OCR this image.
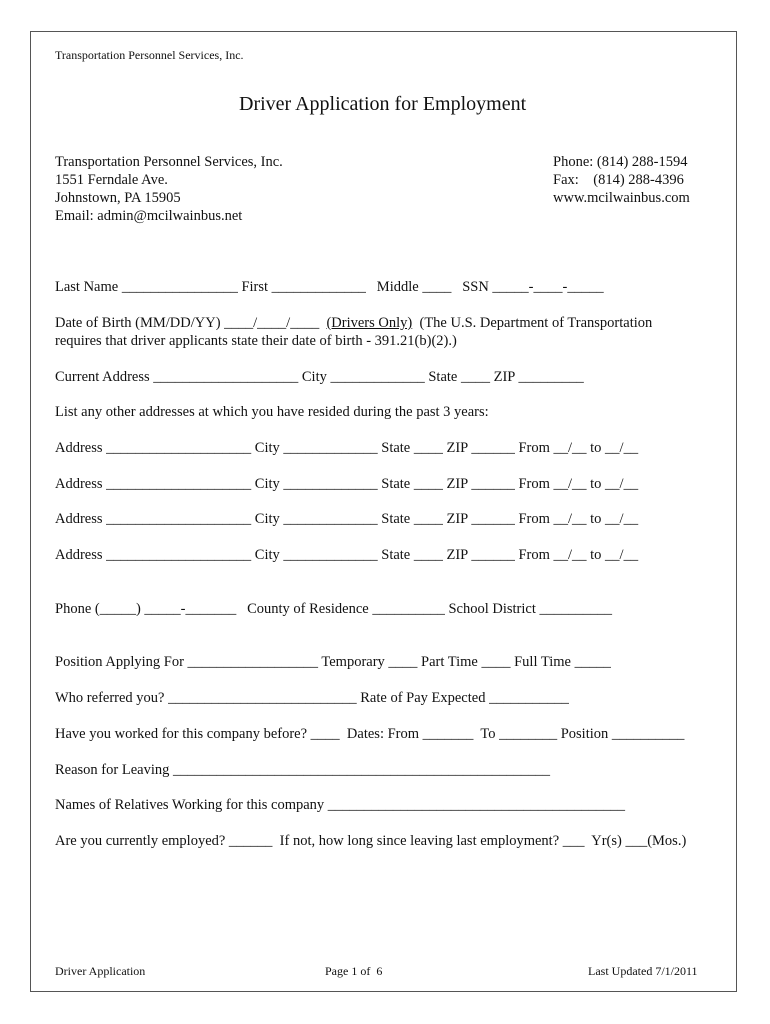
Transportation Personnel Services, Inc.
Driver Application for Employment
Transportation Personnel Services, Inc.
1551 Ferndale Ave.
Johnstown, PA 15905
Email: admin@mcilwainbus.net
Phone: (814) 288-1594
Fax:    (814) 288-4396
www.mcilwainbus.com
Last Name ________________ First _____________   Middle ____   SSN _____-____-_____
Date of Birth (MM/DD/YY) ____/____/____  (Drivers Only)  (The U.S. Department of Transportation
requires that driver applicants state their date of birth - 391.21(b)(2).)
Current Address ____________________ City _____________ State ____ ZIP _________
List any other addresses at which you have resided during the past 3 years:
Address ____________________ City _____________ State ____ ZIP ______ From __/__ to __/__
Address ____________________ City _____________ State ____ ZIP ______ From __/__ to __/__
Address ____________________ City _____________ State ____ ZIP ______ From __/__ to __/__
Address ____________________ City _____________ State ____ ZIP ______ From __/__ to __/__
Phone (_____) _____-_______   County of Residence __________ School District __________
Position Applying For __________________ Temporary ____ Part Time ____ Full Time _____
Who referred you? __________________________ Rate of Pay Expected ___________
Have you worked for this company before? ____  Dates: From _______  To ________ Position __________
Reason for Leaving ____________________________________________________
Names of Relatives Working for this company _________________________________________
Are you currently employed? ______  If not, how long since leaving last employment? ___  Yr(s) ___(Mos.)
Driver Application	Page 1 of  6	Last Updated 7/1/2011
